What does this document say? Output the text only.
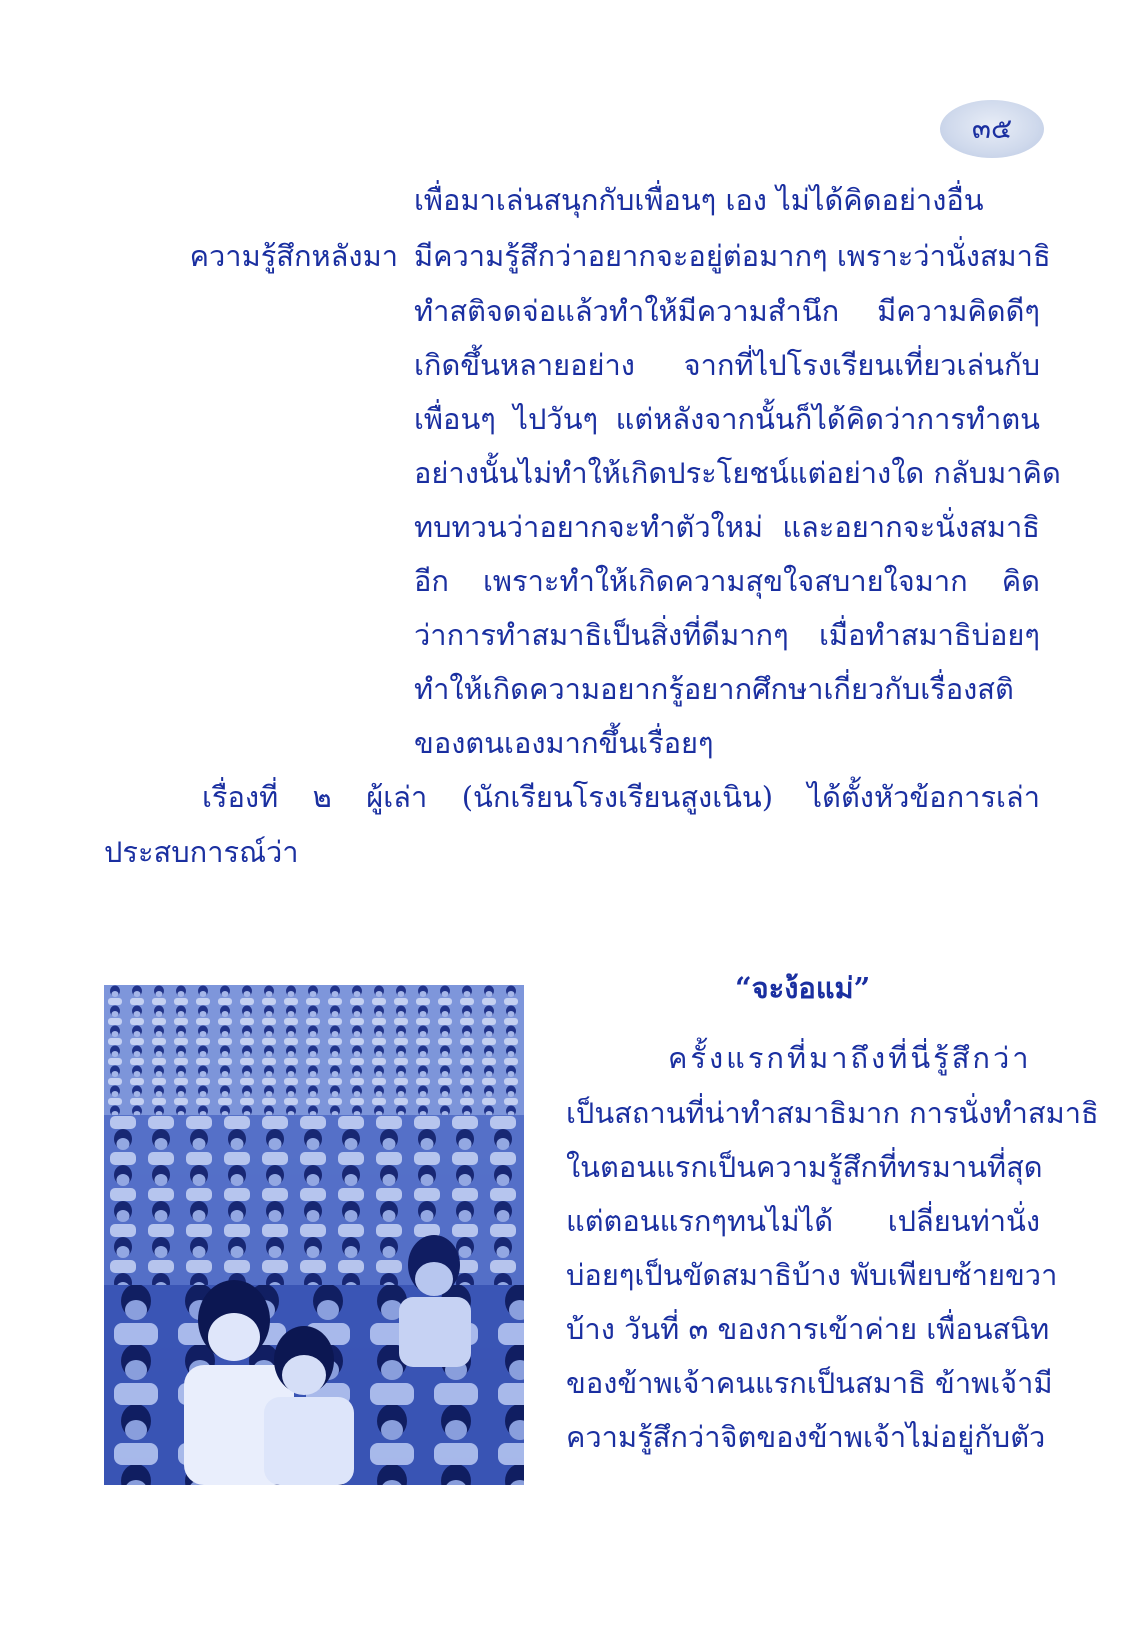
๓๕
เพื่อมาเล่นสนุกกับเพื่อนๆ เอง ไม่ได้คิดอย่างอื่น
ความรู้สึกหลังมา มีความรู้สึกว่าอยากจะอยู่ต่อมากๆ เพราะว่านั่งสมาธิ
ทำสติจดจ่อแล้วทำให้มีความสำนึก มีความคิดดีๆ
เกิดขึ้นหลายอย่าง จากที่ไปโรงเรียนเที่ยวเล่นกับ
เพื่อนๆ ไปวันๆ แต่หลังจากนั้นก็ได้คิดว่าการทำตน
อย่างนั้นไม่ทำให้เกิดประโยชน์แต่อย่างใด กลับมาคิด
ทบทวนว่าอยากจะทำตัวใหม่ และอยากจะนั่งสมาธิ
อีก เพราะทำให้เกิดความสุขใจสบายใจมาก คิด
ว่าการทำสมาธิเป็นสิ่งที่ดีมากๆ เมื่อทำสมาธิบ่อยๆ
ทำให้เกิดความอยากรู้อยากศึกษาเกี่ยวกับเรื่องสติ
ของตนเองมากขึ้นเรื่อยๆ
เรื่องที่ ๒ ผู้เล่า (นักเรียนโรงเรียนสูงเนิน) ได้ตั้งหัวข้อการเล่า
ประสบการณ์ว่า
“จะง้อแม่”
ครั้งแรกที่มาถึงที่นี่รู้สึกว่า
เป็นสถานที่น่าทำสมาธิมาก การนั่งทำสมาธิ
ในตอนแรกเป็นความรู้สึกที่ทรมานที่สุด
แต่ตอนแรกๆทนไม่ได้ เปลี่ยนท่านั่ง
บ่อยๆเป็นขัดสมาธิบ้าง พับเพียบซ้ายขวา
บ้าง วันที่ ๓ ของการเข้าค่าย เพื่อนสนิท
ของข้าพเจ้าคนแรกเป็นสมาธิ ข้าพเจ้ามี
ความรู้สึกว่าจิตของข้าพเจ้าไม่อยู่กับตัว
